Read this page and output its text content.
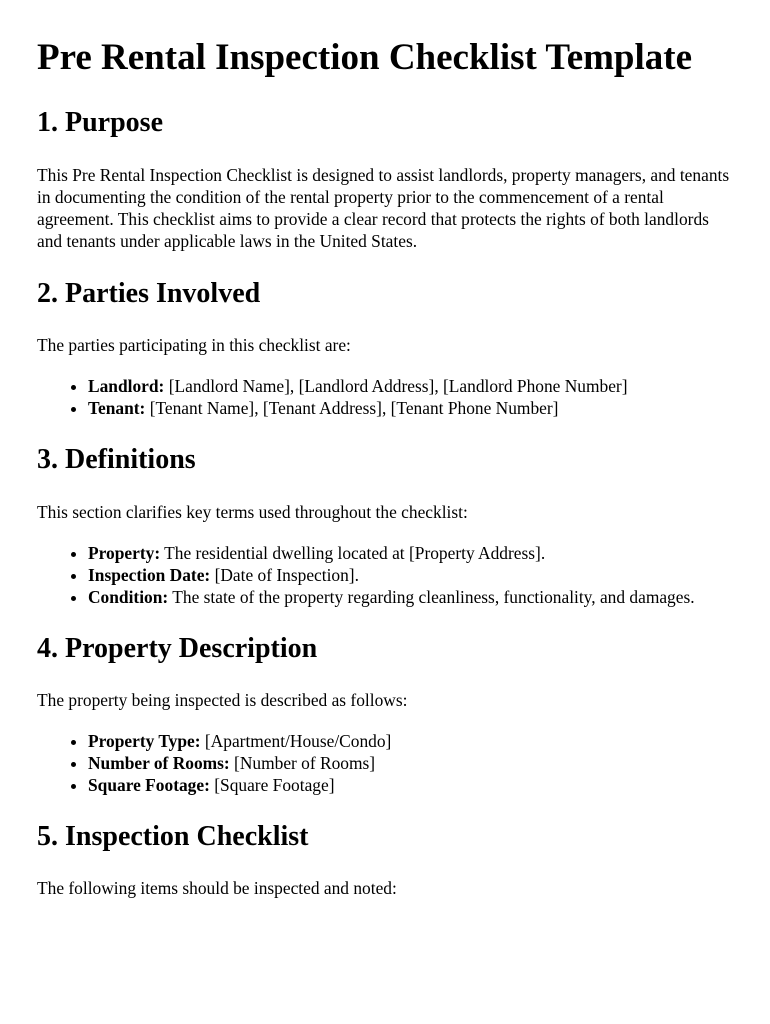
Pre Rental Inspection Checklist Template
1. Purpose

This Pre Rental Inspection Checklist is designed to assist landlords, property managers, and tenants in documenting the condition of the rental property prior to the commencement of a rental agreement. This checklist aims to provide a clear record that protects the rights of both landlords and tenants under applicable laws in the United States.

2. Parties Involved

The parties participating in this checklist are:

• Landlord: [Landlord Name], [Landlord Address], [Landlord Phone Number]
• Tenant: [Tenant Name], [Tenant Address], [Tenant Phone Number]
3. Definitions

This section clarifies key terms used throughout the checklist:

• Property: The residential dwelling located at [Property Address].
• Inspection Date: [Date of Inspection].
• Condition: The state of the property regarding cleanliness, functionality, and damages.
4. Property Description

The property being inspected is described as follows:

• Property Type: [Apartment/House/Condo]
• Number of Rooms: [Number of Rooms]
• Square Footage: [Square Footage]
5. Inspection Checklist

The following items should be inspected and noted:
